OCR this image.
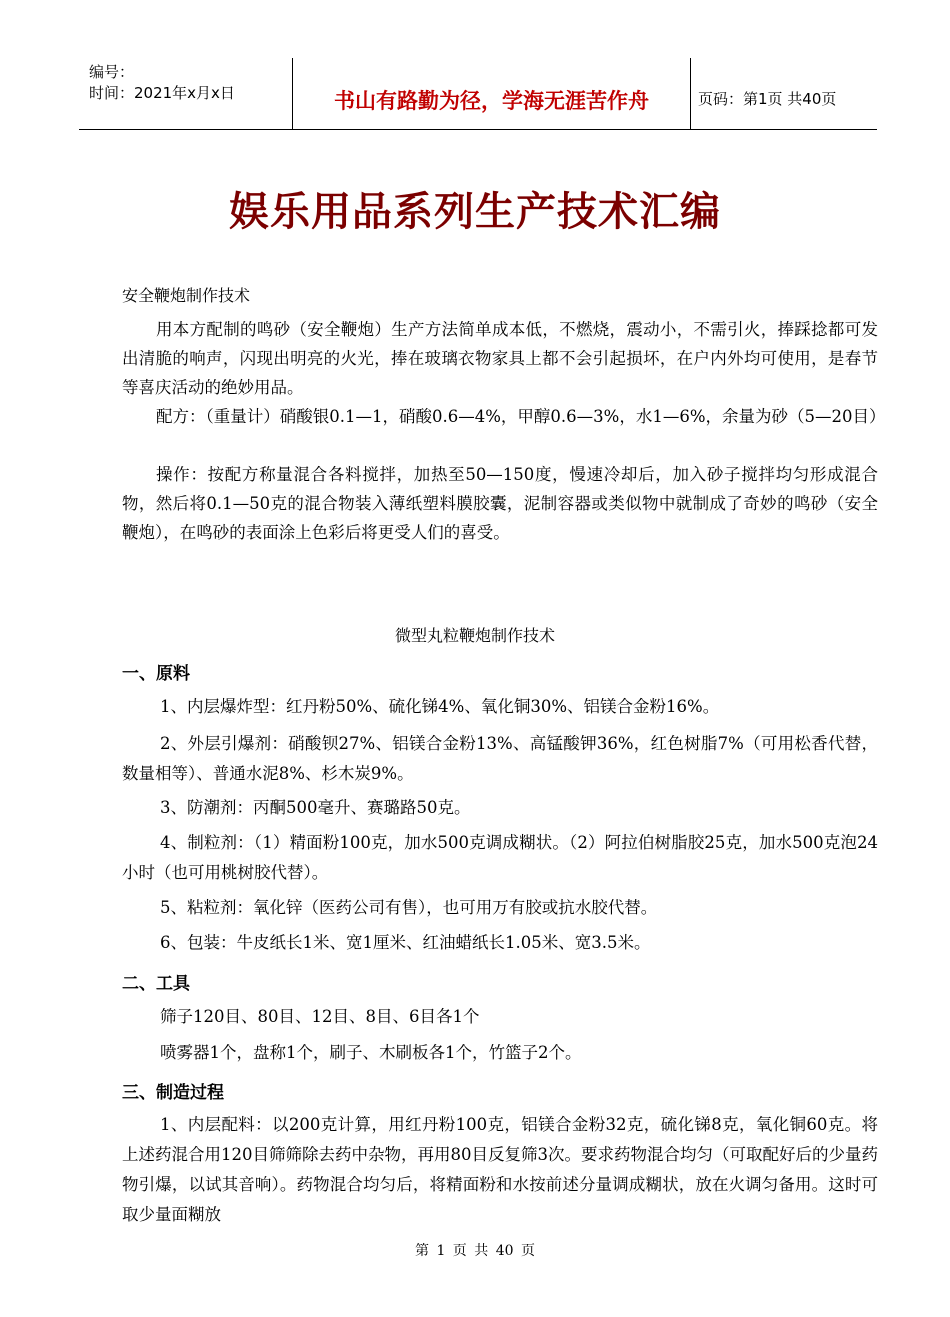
编号：
时间：2021年x月x日	书山有路勤为径，学海无涯苦作舟	页码：第1页 共40页
娱乐用品系列生产技术汇编
安全鞭炮制作技术
用本方配制的鸣砂（安全鞭炮）生产方法简单成本低，不燃烧，震动小，不需引火，捧踩捻都可发出清脆的响声，闪现出明亮的火光，捧在玻璃衣物家具上都不会引起损坏，在户内外均可使用，是春节等喜庆活动的绝妙用品。
配方：（重量计）硝酸银0.1—1，硝酸0.6—4%，甲醇0.6—3%，水1—6%，余量为砂（5—20目）
操作：按配方称量混合各料搅拌，加热至50—150度，慢速冷却后，加入砂子搅拌均匀形成混合物，然后将0.1—50克的混合物装入薄纸塑料膜胶囊，泥制容器或类似物中就制成了奇妙的鸣砂（安全鞭炮），在鸣砂的表面涂上色彩后将更受人们的喜受。
微型丸粒鞭炮制作技术
一、原料
1、内层爆炸型：红丹粉50%、硫化锑4%、氧化铜30%、铝镁合金粉16%。
2、外层引爆剂：硝酸钡27%、铝镁合金粉13%、高锰酸钾36%，红色树脂7%（可用松香代替，数量相等）、普通水泥8%、杉木炭9%。
3、防潮剂：丙酮500毫升、赛璐路50克。
4、制粒剂：（1）精面粉100克，加水500克调成糊状。（2）阿拉伯树脂胶25克，加水500克泡24小时（也可用桃树胶代替）。
5、粘粒剂：氧化锌（医药公司有售），也可用万有胶或抗水胶代替。
6、包装：牛皮纸长1米、宽1厘米、红油蜡纸长1.05米、宽3.5米。
二、工具
筛子120目、80目、12目、8目、6目各1个
喷雾器1个，盘称1个，刷子、木刷板各1个，竹篮子2个。
三、制造过程
1、内层配料：以200克计算，用红丹粉100克，铝镁合金粉32克，硫化锑8克，氧化铜60克。将上述药混合用120目筛筛除去药中杂物，再用80目反复筛3次。要求药物混合均匀（可取配好后的少量药物引爆，以试其音响）。药物混合均匀后，将精面粉和水按前述分量调成糊状，放在火调匀备用。这时可取少量面糊放
第 1 页 共 40 页
